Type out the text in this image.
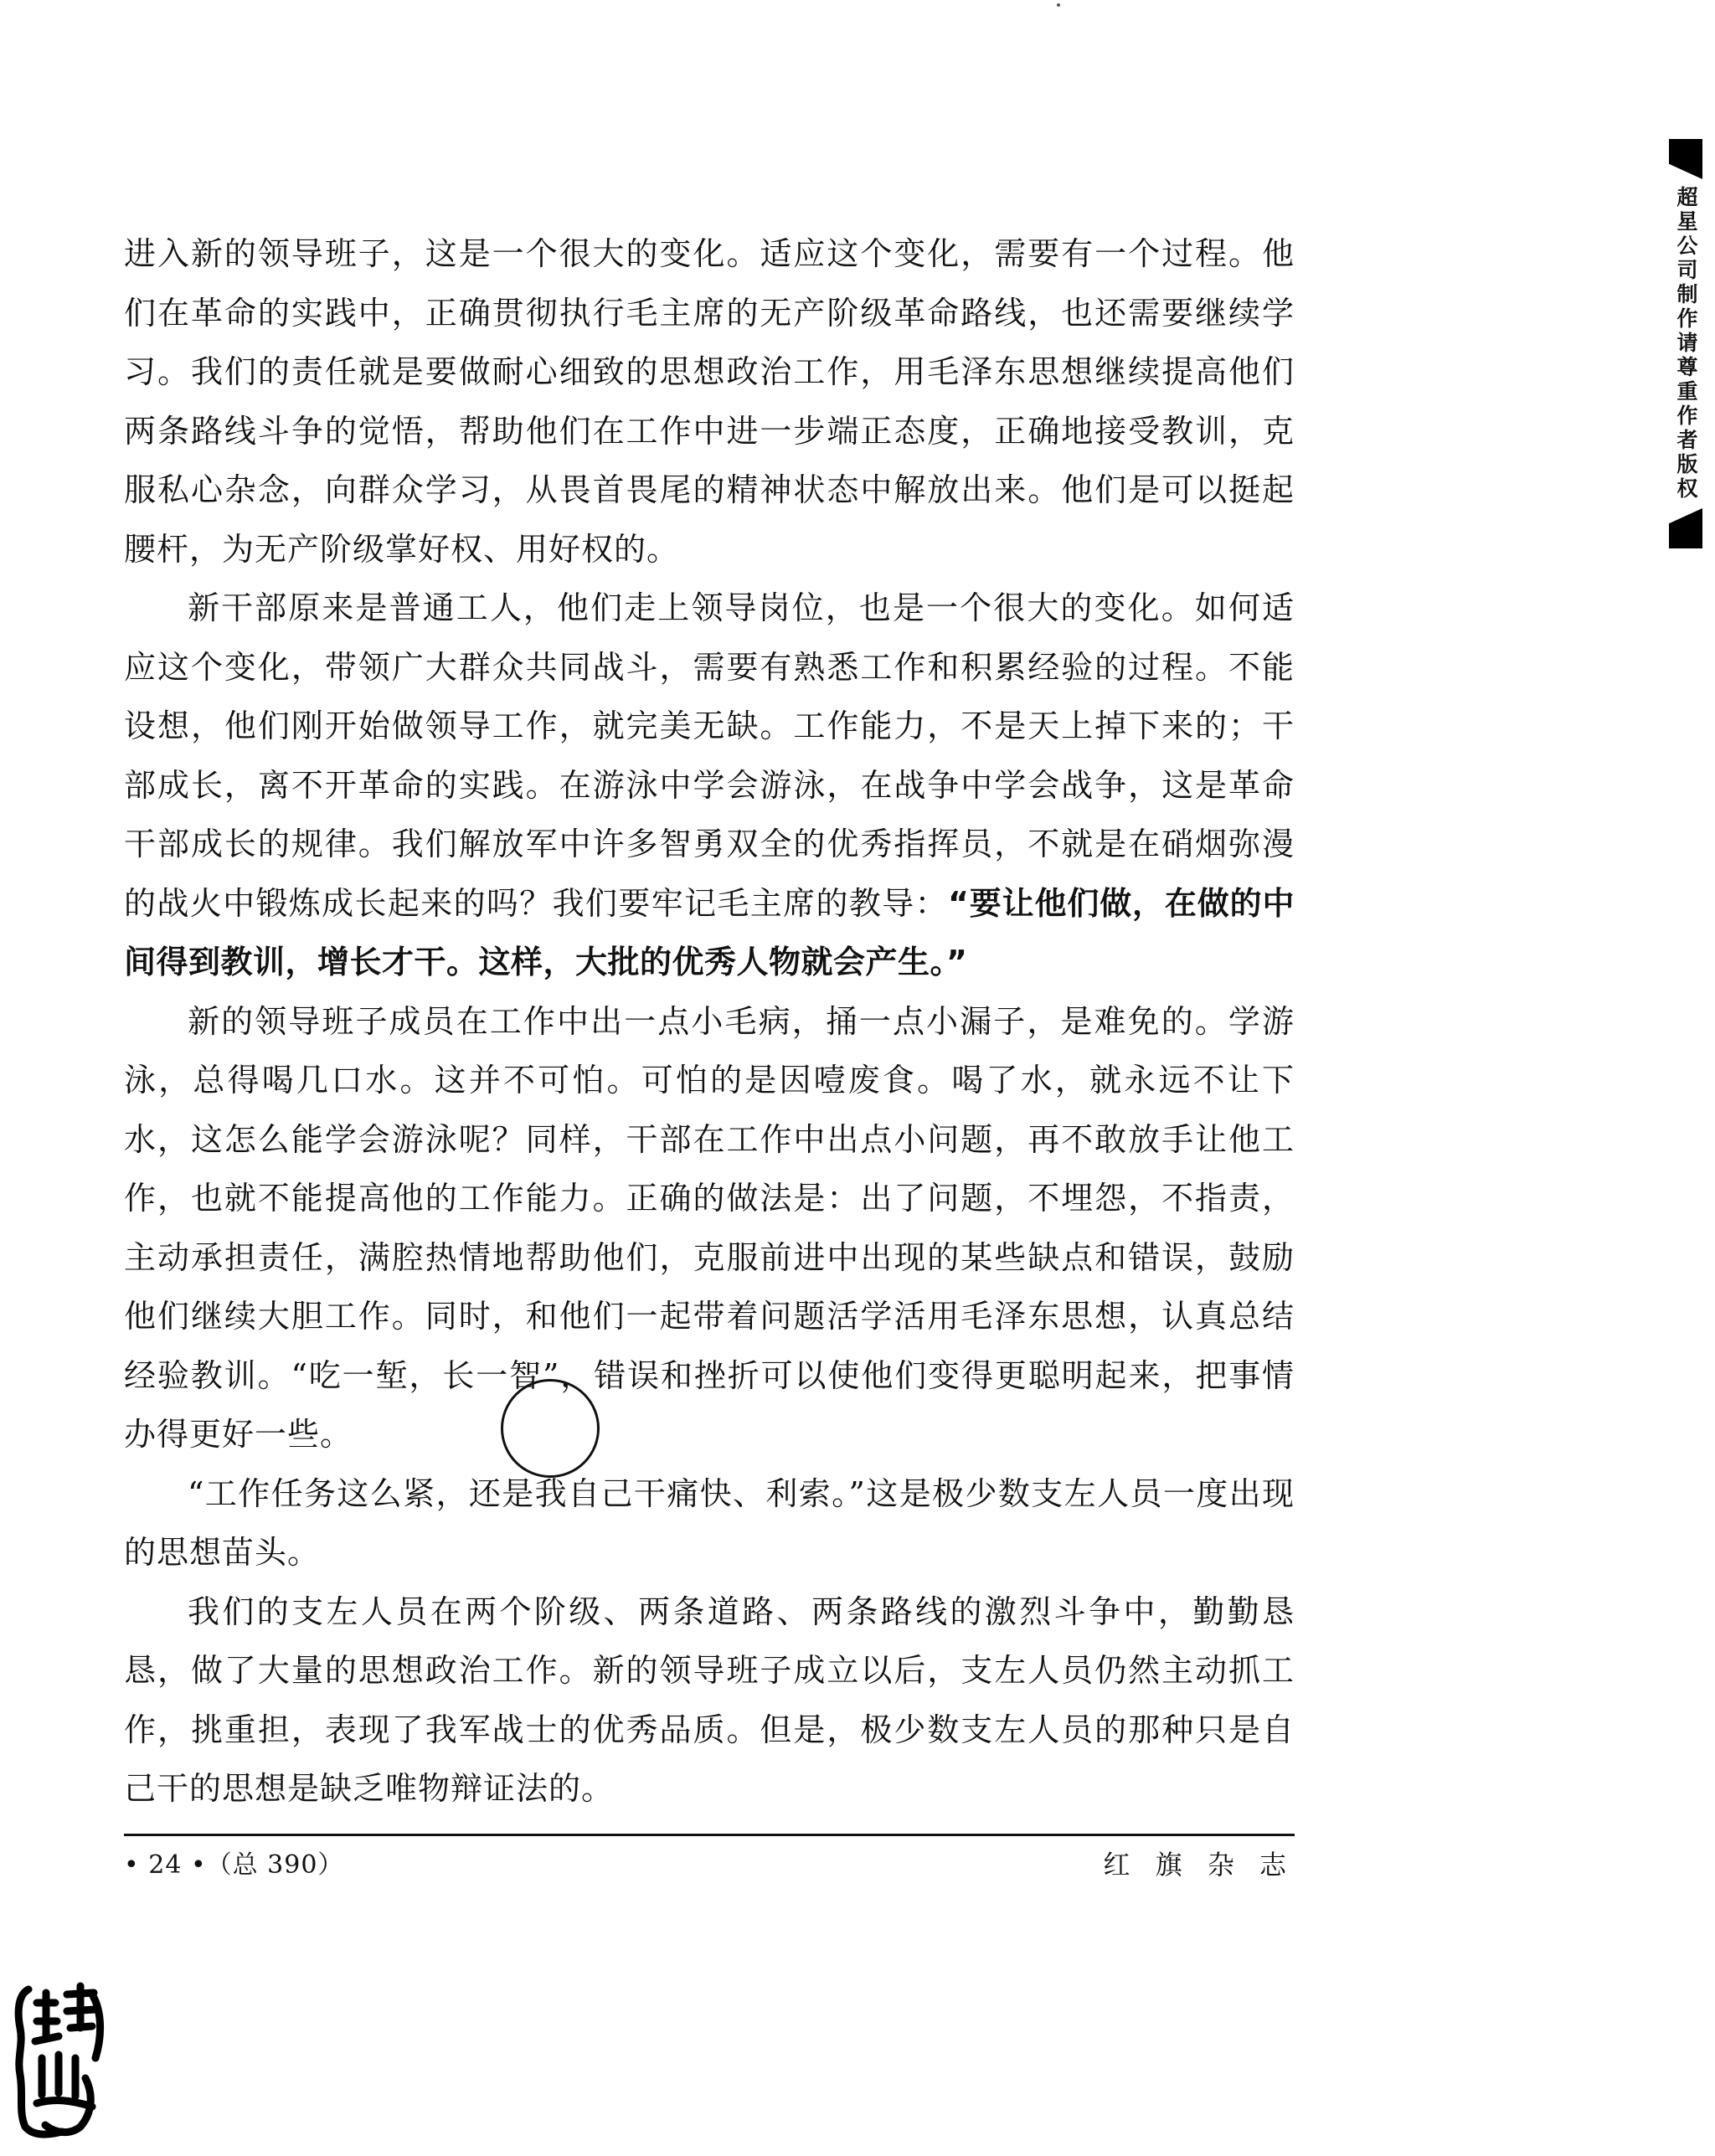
进入新的领导班子，这是一个很大的变化。适应这个变化，需要有一个过程。他们在革命的实践中，正确贯彻执行毛主席的无产阶级革命路线，也还需要继续学习。我们的责任就是要做耐心细致的思想政治工作，用毛泽东思想继续提高他们两条路线斗争的觉悟，帮助他们在工作中进一步端正态度，正确地接受教训，克服私心杂念，向群众学习，从畏首畏尾的精神状态中解放出来。他们是可以挺起腰杆，为无产阶级掌好权、用好权的。

新干部原来是普通工人，他们走上领导岗位，也是一个很大的变化。如何适应这个变化，带领广大群众共同战斗，需要有熟悉工作和积累经验的过程。不能设想，他们刚开始做领导工作，就完美无缺。工作能力，不是天上掉下来的；干部成长，离不开革命的实践。在游泳中学会游泳，在战争中学会战争，这是革命干部成长的规律。我们解放军中许多智勇双全的优秀指挥员，不就是在硝烟弥漫的战火中锻炼成长起来的吗？我们要牢记毛主席的教导：“要让他们做，在做的中间得到教训，增长才干。这样，大批的优秀人物就会产生。”

新的领导班子成员在工作中出一点小毛病，捅一点小漏子，是难免的。学游泳，总得喝几口水。这并不可怕。可怕的是因噎废食。喝了水，就永远不让下水，这怎么能学会游泳呢？同样，干部在工作中出点小问题，再不敢放手让他工作，也就不能提高他的工作能力。正确的做法是：出了问题，不埋怨，不指责，主动承担责任，满腔热情地帮助他们，克服前进中出现的某些缺点和错误，鼓励他们继续大胆工作。同时，和他们一起带着问题活学活用毛泽东思想，认真总结经验教训。“吃一堑，长一智”，错误和挫折可以使他们变得更聪明起来，把事情办得更好一些。

“工作任务这么紧，还是我自己干痛快、利索。”这是极少数支左人员一度出现的思想苗头。

我们的支左人员在两个阶级、两条道路、两条路线的激烈斗争中，勤勤恳恳，做了大量的思想政治工作。新的领导班子成立以后，支左人员仍然主动抓工作，挑重担，表现了我军战士的优秀品质。但是，极少数支左人员的那种只是自己干的思想是缺乏唯物辩证法的。

• 24 •（总 390）	红 旗 杂 志
超星公司制作请尊重作者版权
